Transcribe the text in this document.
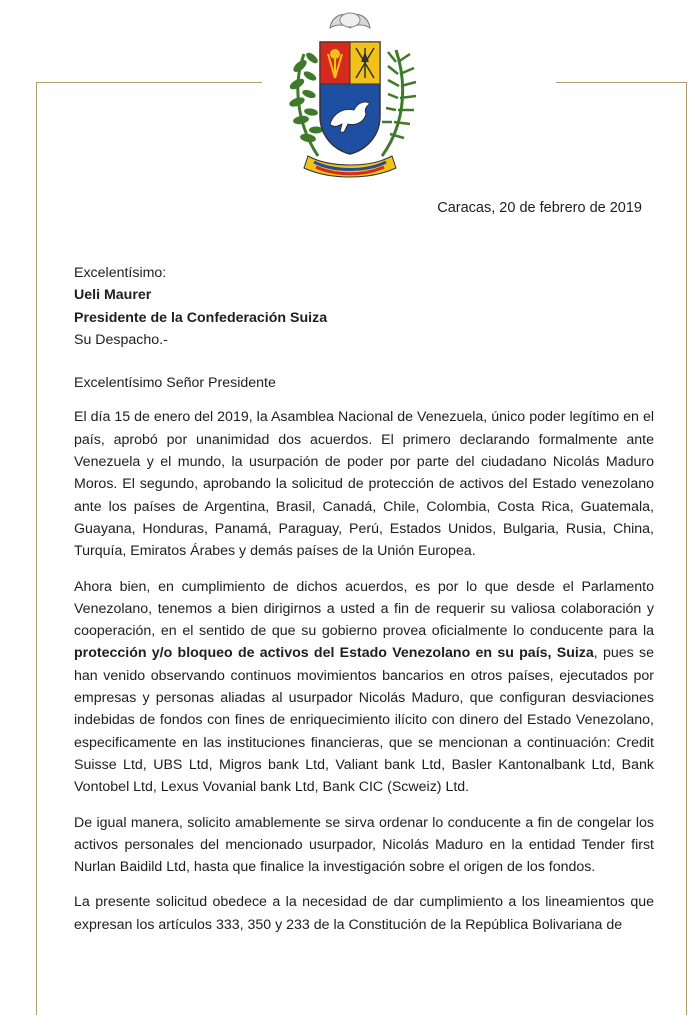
Caracas, 20 de febrero de 2019

Excelentísimo:

Ueli Maurer

Presidente de la Confederación Suiza

Su Despacho.-

Excelentísimo Señor Presidente

El día 15 de enero del 2019, la Asamblea Nacional de Venezuela, único poder legítimo en el país, aprobó por unanimidad dos acuerdos. El primero declarando formalmente ante Venezuela y el mundo, la usurpación de poder por parte del ciudadano Nicolás Maduro Moros. El segundo, aprobando la solicitud de protección de activos del Estado venezolano ante los países de Argentina, Brasil, Canadá, Chile, Colombia, Costa Rica, Guatemala, Guayana, Honduras, Panamá, Paraguay, Perú, Estados Unidos, Bulgaria, Rusia, China, Turquía, Emiratos Árabes y demás países de la Unión Europea.

Ahora bien, en cumplimiento de dichos acuerdos, es por lo que desde el Parlamento Venezolano, tenemos a bien dirigirnos a usted a fin de requerir su valiosa colaboración y cooperación, en el sentido de que su gobierno provea oficialmente lo conducente para la protección y/o bloqueo de activos del Estado Venezolano en su país, Suiza, pues se han venido observando continuos movimientos bancarios en otros países, ejecutados por empresas y personas aliadas al usurpador Nicolás Maduro, que configuran desviaciones indebidas de fondos con fines de enriquecimiento ilícito con dinero del Estado Venezolano, especificamente en las instituciones financieras, que se mencionan a continuación: Credit Suisse Ltd, UBS Ltd, Migros bank Ltd, Valiant bank Ltd, Basler Kantonalbank Ltd, Bank Vontobel Ltd, Lexus Vovanial bank Ltd, Bank CIC (Scweiz) Ltd.

De igual manera, solicito amablemente se sirva ordenar lo conducente a fin de congelar los activos personales del mencionado usurpador, Nicolás Maduro en la entidad Tender first Nurlan Baidild Ltd, hasta que finalice la investigación sobre el origen de los fondos.

La presente solicitud obedece a la necesidad de dar cumplimiento a los lineamientos que expresan los artículos 333, 350 y 233 de la Constitución de la República Bolivariana de
